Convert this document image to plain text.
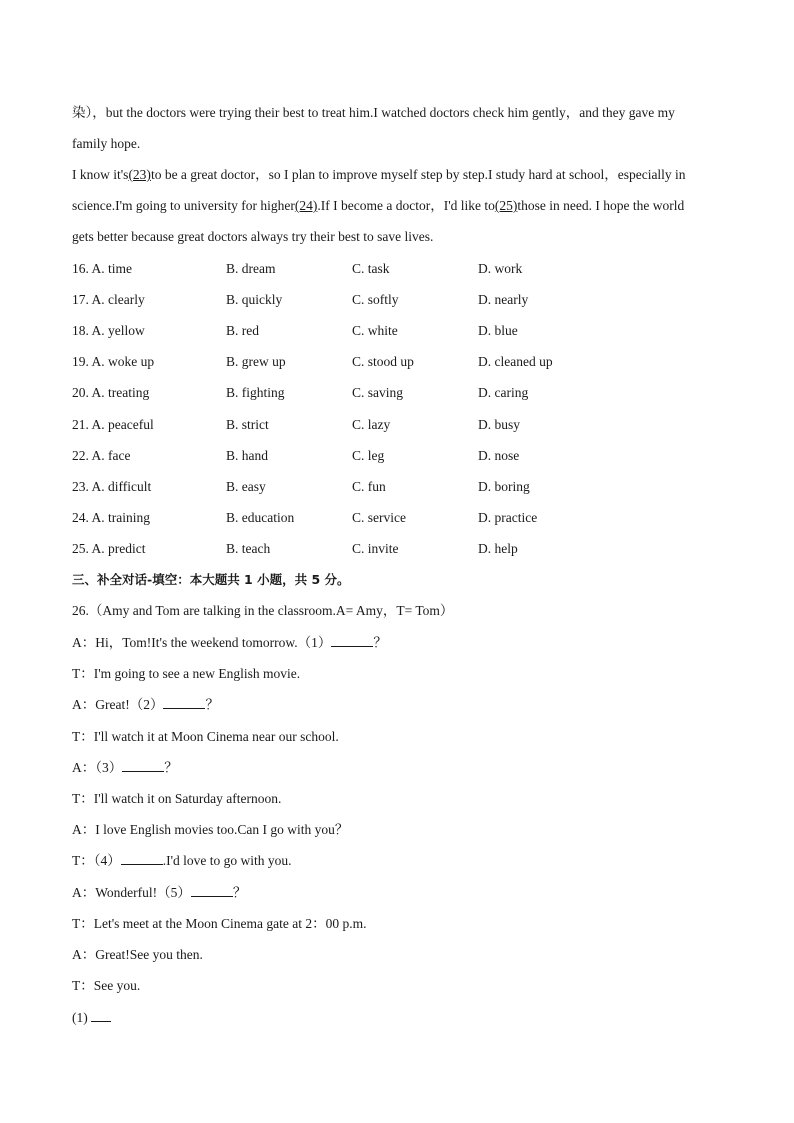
染），but the doctors were trying their best to treat him.I watched doctors check him gently，and they gave my
family hope.
I know it's(23)to be a great doctor，so I plan to improve myself step by step.I study hard at school，especially in
science.I'm going to university for higher(24).If I become a doctor，I'd like to(25)those in need. I hope the world
gets better because great doctors always try their best to save lives.
16. A. time	B. dream	C. task	D. work
17. A. clearly	B. quickly	C. softly	D. nearly
18. A. yellow	B. red	C. white	D. blue
19. A. woke up	B. grew up	C. stood up	D. cleaned up
20. A. treating	B. fighting	C. saving	D. caring
21. A. peaceful	B. strict	C. lazy	D. busy
22. A. face	B. hand	C. leg	D. nose
23. A. difficult	B. easy	C. fun	D. boring
24. A. training	B. education	C. service	D. practice
25. A. predict	B. teach	C. invite	D. help
三、补全对话-填空：本大题共 1 小题，共 5 分。
26.（Amy and Tom are talking in the classroom.A= Amy，T= Tom）
A：Hi，Tom!It's the weekend tomorrow.（1）	？
T：I'm going to see a new English movie.
A：Great!（2）	？
T：I'll watch it at Moon Cinema near our school.
A：（3）	？
T：I'll watch it on Saturday afternoon.
A：I love English movies too.Can I go with you？
T：（4）	.I'd love to go with you.
A：Wonderful!（5）	？
T：Let's meet at the Moon Cinema gate at 2：00 p.m.
A：Great!See you then.
T：See you.
(1)
